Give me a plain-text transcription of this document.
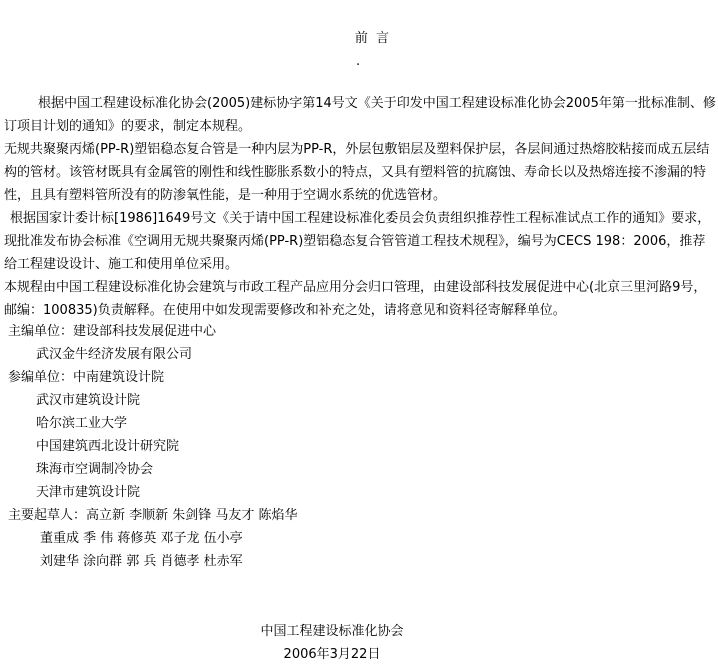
前 言
.

根据中国工程建设标准化协会(2005)建标协字第14号文《关于印发中国工程建设标准化协会2005年第一批标准制、修订项目计划的通知》的要求，制定本规程。

无规共聚聚丙烯(PP-R)塑铝稳态复合管是一种内层为PP-R，外层包敷铝层及塑料保护层，各层间通过热熔胶粘接而成五层结构的管材。该管材既具有金属管的刚性和线性膨胀系数小的特点，又具有塑料管的抗腐蚀、寿命长以及热熔连接不渗漏的特性，且具有塑料管所没有的防渗氧性能，是一种用于空调水系统的优选管材。

根据国家计委计标[1986]1649号文《关于请中国工程建设标准化委员会负责组织推荐性工程标准试点工作的通知》要求，现批准发布协会标准《空调用无规共聚聚丙烯(PP-R)塑铝稳态复合管管道工程技术规程》，编号为CECS 198：2006，推荐给工程建设设计、施工和使用单位采用。

本规程由中国工程建设标准化协会建筑与市政工程产品应用分会归口管理，由建设部科技发展促进中心(北京三里河路9号，邮编：100835)负责解释。在使用中如发现需要修改和补充之处，请将意见和资料径寄解释单位。

主编单位：建设部科技发展促进中心
武汉金牛经济发展有限公司
参编单位：中南建筑设计院
武汉市建筑设计院
哈尔滨工业大学
中国建筑西北设计研究院
珠海市空调制冷协会
天津市建筑设计院
主要起草人：高立新 李顺新 朱剑锋 马友才 陈焰华
董重成 季 伟 蒋修英 邓子龙 伍小亭
刘建华 涂向群 郭 兵 肖德孝 杜赤军
中国工程建设标准化协会
2006年3月22日
